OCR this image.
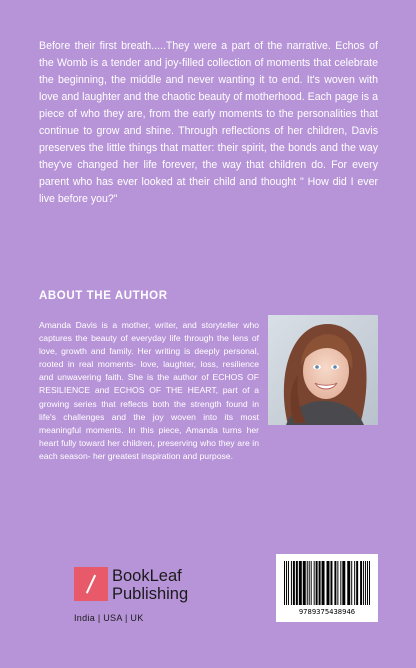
Before their first breath.....They were a part of the narrative. Echos of the Womb is a tender and joy-filled collection of moments that celebrate the beginning, the middle and never wanting it to end. It's woven with love and laughter and the chaotic beauty of motherhood. Each page is a piece of who they are, from the early moments to the personalities that continue to grow and shine. Through reflections of her children, Davis preserves the little things that matter: their spirit, the bonds and the way they've changed her life forever, the way that children do. For every parent who has ever looked at their child and thought " How did I ever live before you?"
ABOUT THE AUTHOR
Amanda Davis is a mother, writer, and storyteller who captures the beauty of everyday life through the lens of love, growth and family. Her writing is deeply personal, rooted in real moments- love, laughter, loss, resilience and unwavering faith. She is the author of ECHOS OF RESILIENCE and ECHOS OF THE HEART, part of a growing series that reflects both the strength found in life's challenges and the joy woven into its most meaningful moments. In this piece, Amanda turns her heart fully toward her children, preserving who they are in each season- her greatest inspiration and purpose.
BookLeaf
Publishing
India | USA | UK
9789375438946
